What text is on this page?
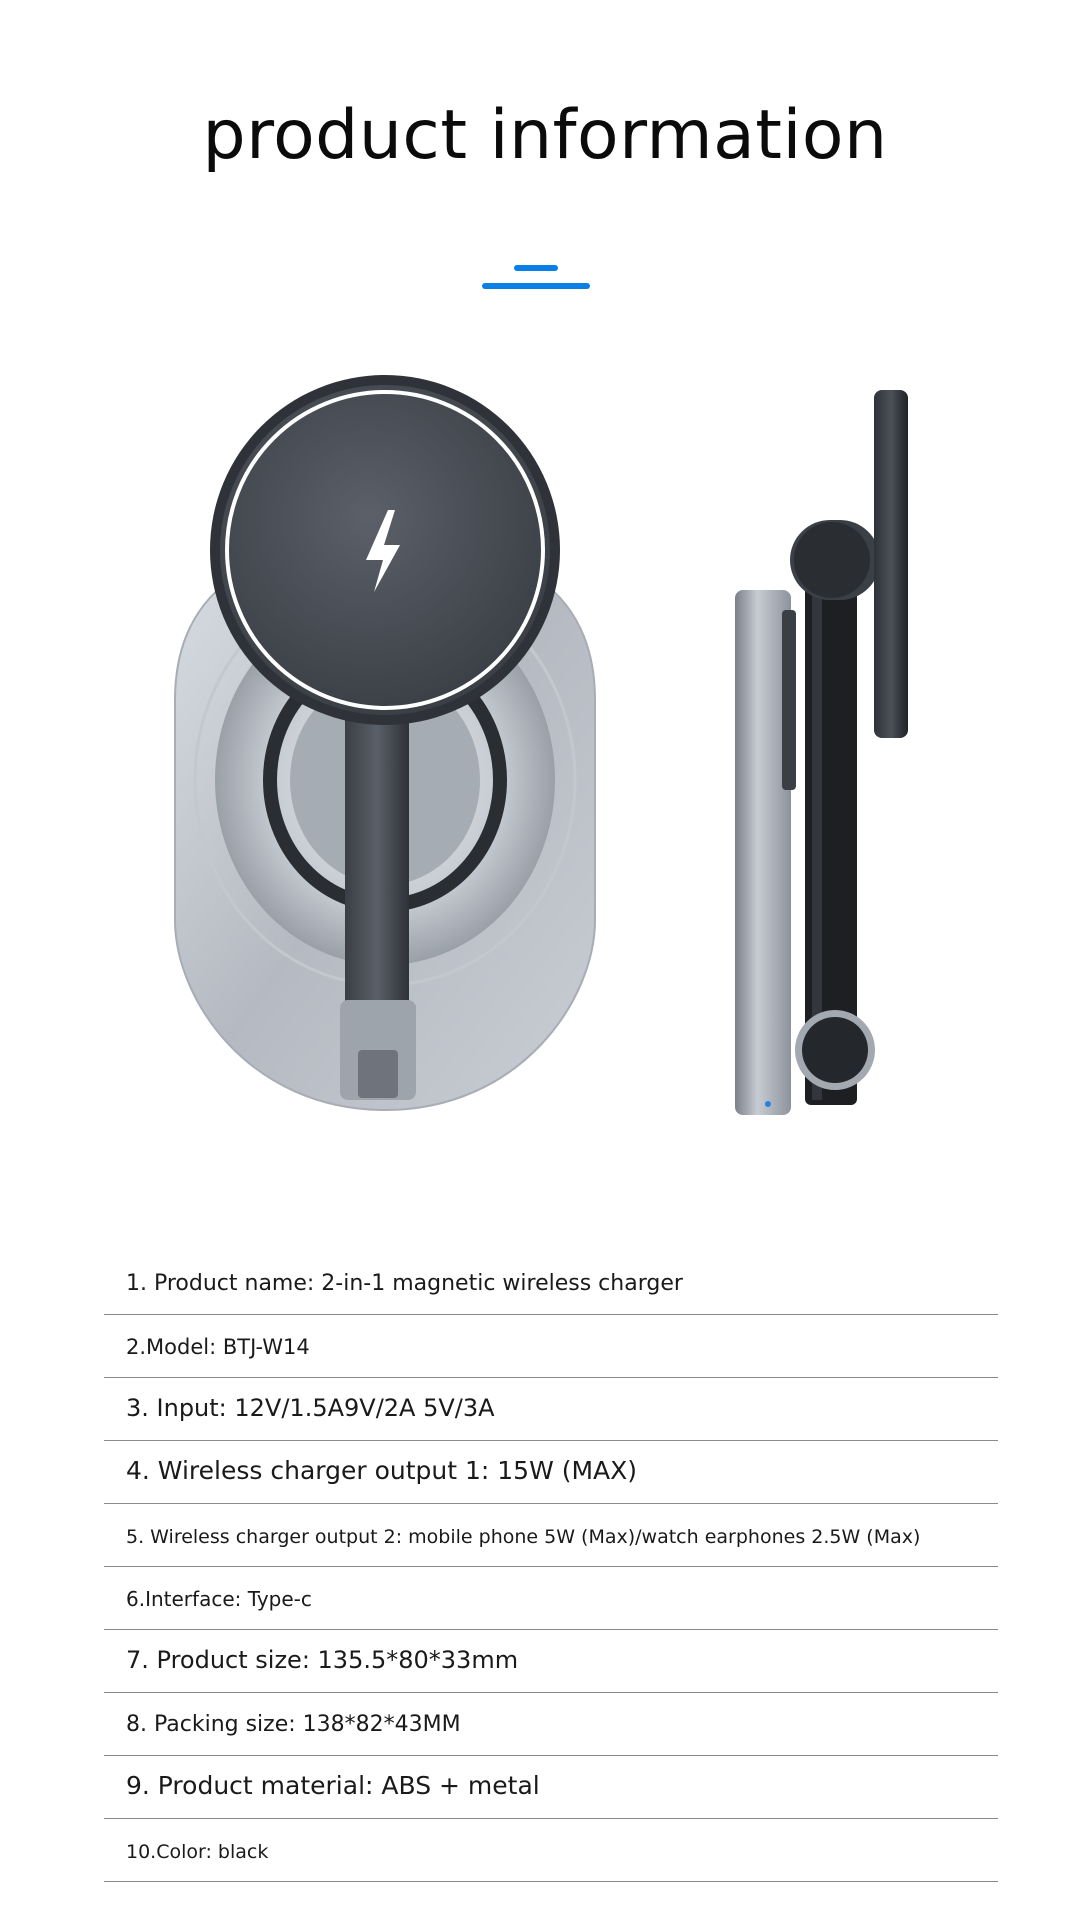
product information
1. Product name: 2-in-1 magnetic wireless charger
2.Model: BTJ-W14
3. Input: 12V/1.5A9V/2A 5V/3A
4. Wireless charger output 1: 15W (MAX)
5. Wireless charger output 2: mobile phone 5W (Max)/watch earphones 2.5W (Max)
6.Interface: Type-c
7. Product size: 135.5*80*33mm
8. Packing size: 138*82*43MM
9. Product material: ABS + metal
10.Color: black
